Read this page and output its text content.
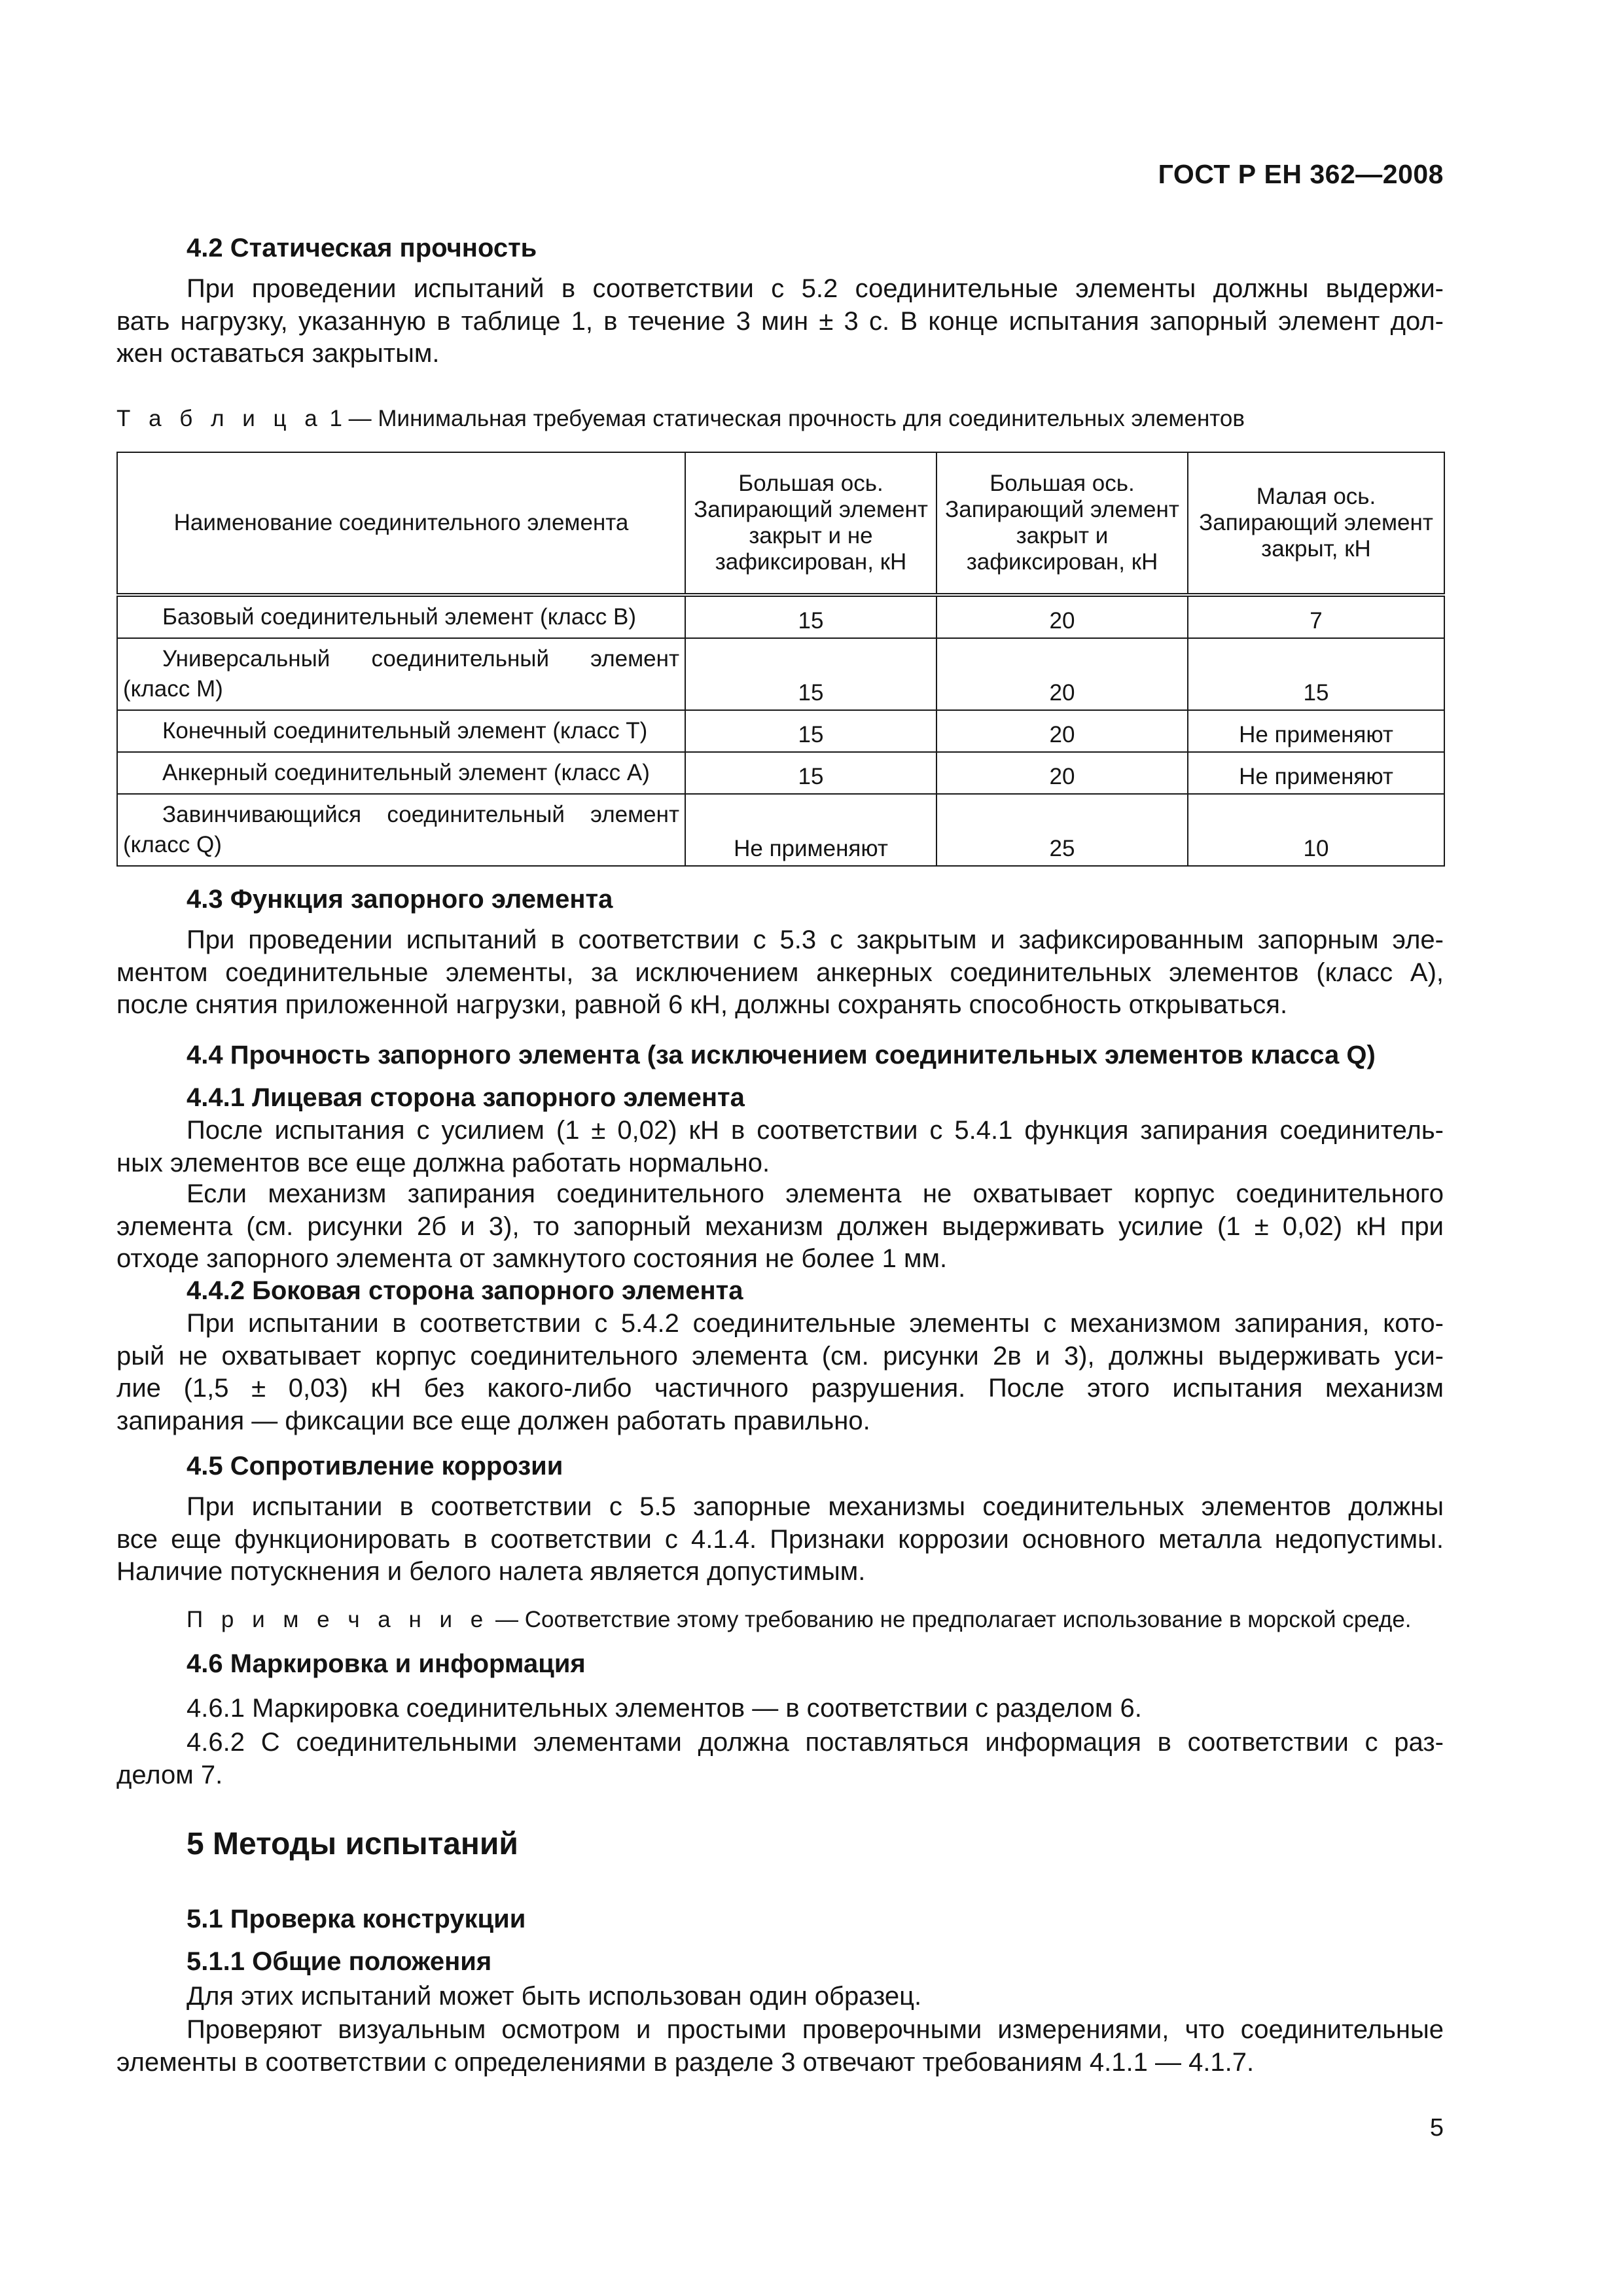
ГОСТ Р ЕН 362—2008
4.2 Статическая прочность
При проведении испытаний в соответствии с 5.2 соединительные элементы должны выдержи-
вать нагрузку, указанную в таблице 1, в течение 3 мин ± 3 с. В конце испытания запорный элемент дол-
жен оставаться закрытым.
Т а б л и ц а 1 — Минимальная требуемая статическая прочность для соединительных элементов
Наименование соединительного элемента	Большая ось. Запирающий элемент закрыт и не зафиксирован, кН	Большая ось. Запирающий элемент закрыт и зафиксирован, кН	Малая ось. Запирающий элемент закрыт, кН
Базовый соединительный элемент (класс B)	15	20	7

Универсальный соединительный элемент
(класс М)	15	20	15
Конечный соединительный элемент (класс Т)	15	20	Не применяют
Анкерный соединительный элемент (класс А)	15	20	Не применяют

Завинчивающийся соединительный элемент
(класс Q)	Не применяют	25	10
4.3 Функция запорного элемента
При проведении испытаний в соответствии с 5.3 с закрытым и зафиксированным запорным эле-
ментом соединительные элементы, за исключением анкерных соединительных элементов (класс А),
после снятия приложенной нагрузки, равной 6 кН, должны сохранять способность открываться.
4.4 Прочность запорного элемента (за исключением соединительных элементов класса Q)
4.4.1 Лицевая сторона запорного элемента
После испытания с усилием (1 ± 0,02) кН в соответствии с 5.4.1 функция запирания соединитель-
ных элементов все еще должна работать нормально.
Если механизм запирания соединительного элемента не охватывает корпус соединительного
элемента (см. рисунки 2б и 3), то запорный механизм должен выдерживать усилие (1 ± 0,02) кН при
отходе запорного элемента от замкнутого состояния не более 1 мм.
4.4.2 Боковая сторона запорного элемента
При испытании в соответствии с 5.4.2 соединительные элементы с механизмом запирания, кото-
рый не охватывает корпус соединительного элемента (см. рисунки 2в и 3), должны выдерживать уси-
лие (1,5 ± 0,03) кН без какого-либо частичного разрушения. После этого испытания механизм
запирания — фиксации все еще должен работать правильно.
4.5 Сопротивление коррозии
При испытании в соответствии с 5.5 запорные механизмы соединительных элементов должны
все еще функционировать в соответствии с 4.1.4. Признаки коррозии основного металла недопустимы.
Наличие потускнения и белого налета является допустимым.
П р и м е ч а н и е — Соответствие этому требованию не предполагает использование в морской среде.
4.6 Маркировка и информация
4.6.1 Маркировка соединительных элементов — в соответствии с разделом 6.
4.6.2 С соединительными элементами должна поставляться информация в соответствии с раз-
делом 7.
5 Методы испытаний
5.1 Проверка конструкции
5.1.1 Общие положения
Для этих испытаний может быть использован один образец.
Проверяют визуальным осмотром и простыми проверочными измерениями, что соединительные
элементы в соответствии с определениями в разделе 3 отвечают требованиям 4.1.1 — 4.1.7.
5
